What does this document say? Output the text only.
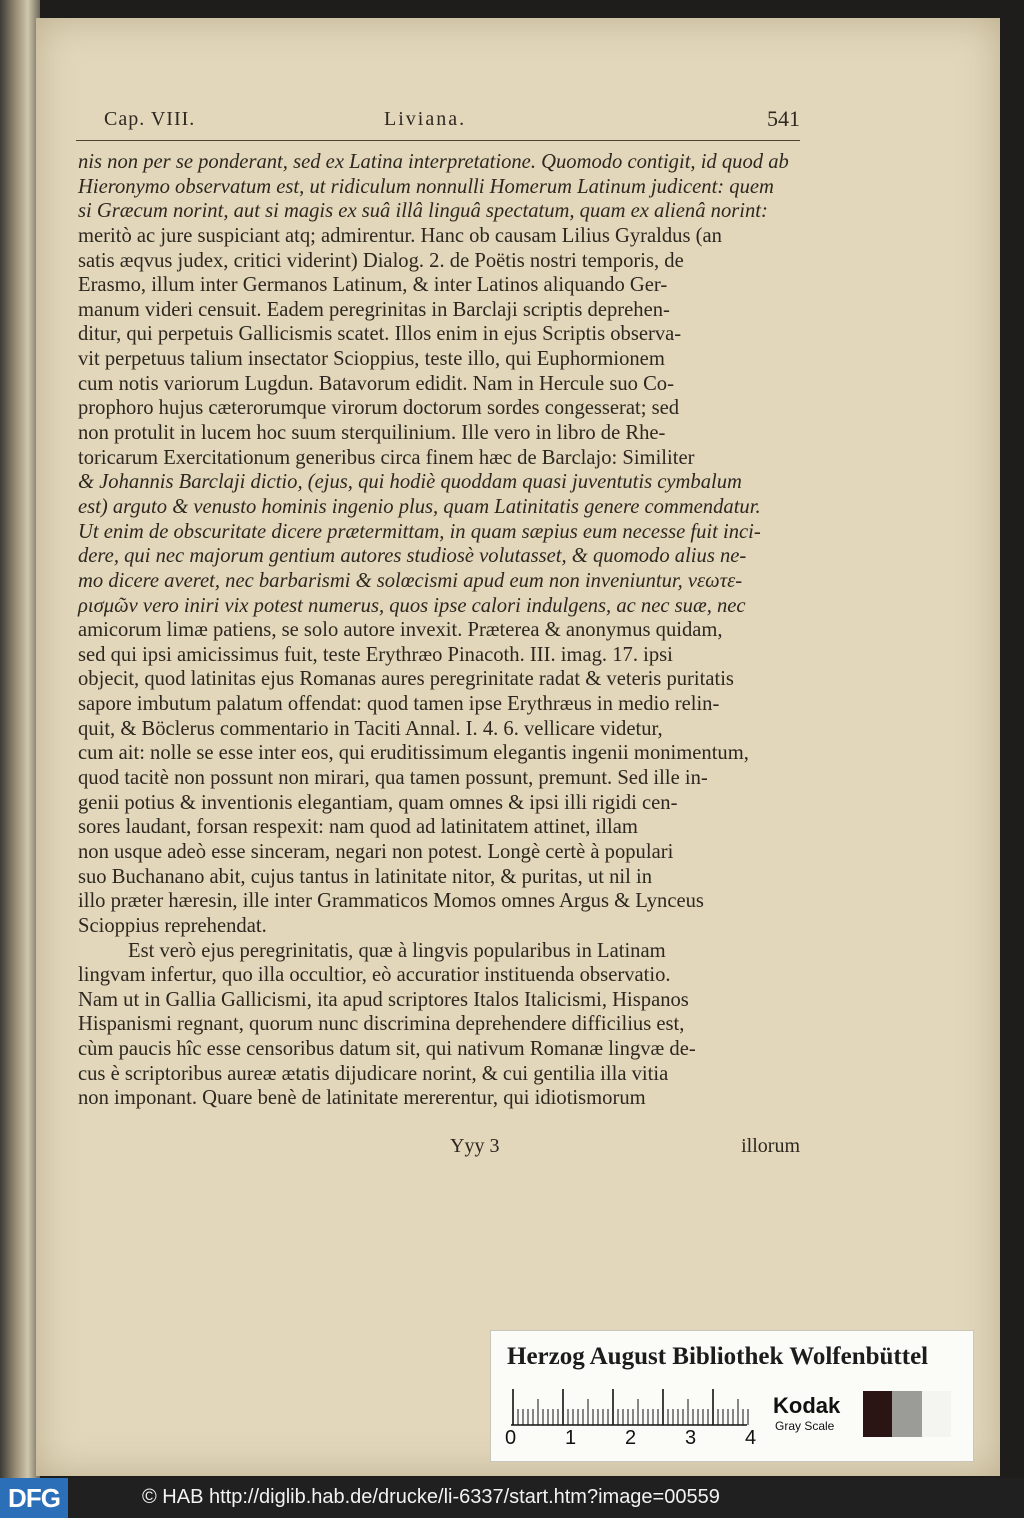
Cap. VIII.	Liviana.	541
nis non per se ponderant, sed ex Latina interpretatione. Quomodo contigit, id quod ab
Hieronymo observatum est, ut ridiculum nonnulli Homerum Latinum judicent: quem
si Græcum norint, aut si magis ex suâ illâ linguâ spectatum, quam ex alienâ norint:
meritò ac jure suspiciant atq; admirentur. Hanc ob causam Lilius Gyraldus (an
satis æqvus judex, critici viderint) Dialog. 2. de Poëtis nostri temporis, de
Erasmo, illum inter Germanos Latinum, & inter Latinos aliquando Ger-
manum videri censuit. Eadem peregrinitas in Barclaji scriptis deprehen-
ditur, qui perpetuis Gallicismis scatet. Illos enim in ejus Scriptis observa-
vit perpetuus talium insectator Scioppius, teste illo, qui Euphormionem
cum notis variorum Lugdun. Batavorum edidit. Nam in Hercule suo Co-
prophoro hujus cæterorumque virorum doctorum sordes congesserat; sed
non protulit in lucem hoc suum sterquilinium. Ille vero in libro de Rhe-
toricarum Exercitationum generibus circa finem hæc de Barclajo: Similiter
& Johannis Barclaji dictio, (ejus, qui hodiè quoddam quasi juventutis cymbalum
est) arguto & venusto hominis ingenio plus, quam Latinitatis genere commendatur.
Ut enim de obscuritate dicere prætermittam, in quam sæpius eum necesse fuit inci-
dere, qui nec majorum gentium autores studiosè volutasset, & quomodo alius ne-
mo dicere averet, nec barbarismi & solœcismi apud eum non inveniuntur, νεωτε-
ρισμῶν vero iniri vix potest numerus, quos ipse calori indulgens, ac nec suæ, nec
amicorum limæ patiens, se solo autore invexit. Præterea & anonymus quidam,
sed qui ipsi amicissimus fuit, teste Erythræo Pinacoth. III. imag. 17. ipsi
objecit, quod latinitas ejus Romanas aures peregrinitate radat & veteris puritatis
sapore imbutum palatum offendat: quod tamen ipse Erythræus in medio relin-
quit, & Böclerus commentario in Taciti Annal. I. 4. 6. vellicare videtur,
cum ait: nolle se esse inter eos, qui eruditissimum elegantis ingenii monimentum,
quod tacitè non possunt non mirari, qua tamen possunt, premunt. Sed ille in-
genii potius & inventionis elegantiam, quam omnes & ipsi illi rigidi cen-
sores laudant, forsan respexit: nam quod ad latinitatem attinet, illam
non usque adeò esse sinceram, negari non potest. Longè certè à populari
suo Buchanano abit, cujus tantus in latinitate nitor, & puritas, ut nil in
illo præter hæresin, ille inter Grammaticos Momos omnes Argus & Lynceus
Scioppius reprehendat.
Est verò ejus peregrinitatis, quæ à lingvis popularibus in Latinam
lingvam infertur, quo illa occultior, eò accuratior instituenda observatio.
Nam ut in Gallia Gallicismi, ita apud scriptores Italos Italicismi, Hispanos
Hispanismi regnant, quorum nunc discrimina deprehendere difficilius est,
cùm paucis hîc esse censoribus datum sit, qui nativum Romanæ lingvæ de-
cus è scriptoribus aureæ ætatis dijudicare norint, & cui gentilia illa vitia
non imponant. Quare benè de latinitate mererentur, qui idiotismorum
Yyy 3	illorum
Herzog August Bibliothek Wolfenbüttel
0 1 2 3 4
Kodak
Gray Scale
DFG	© HAB http://diglib.hab.de/drucke/li-6337/start.htm?image=00559
